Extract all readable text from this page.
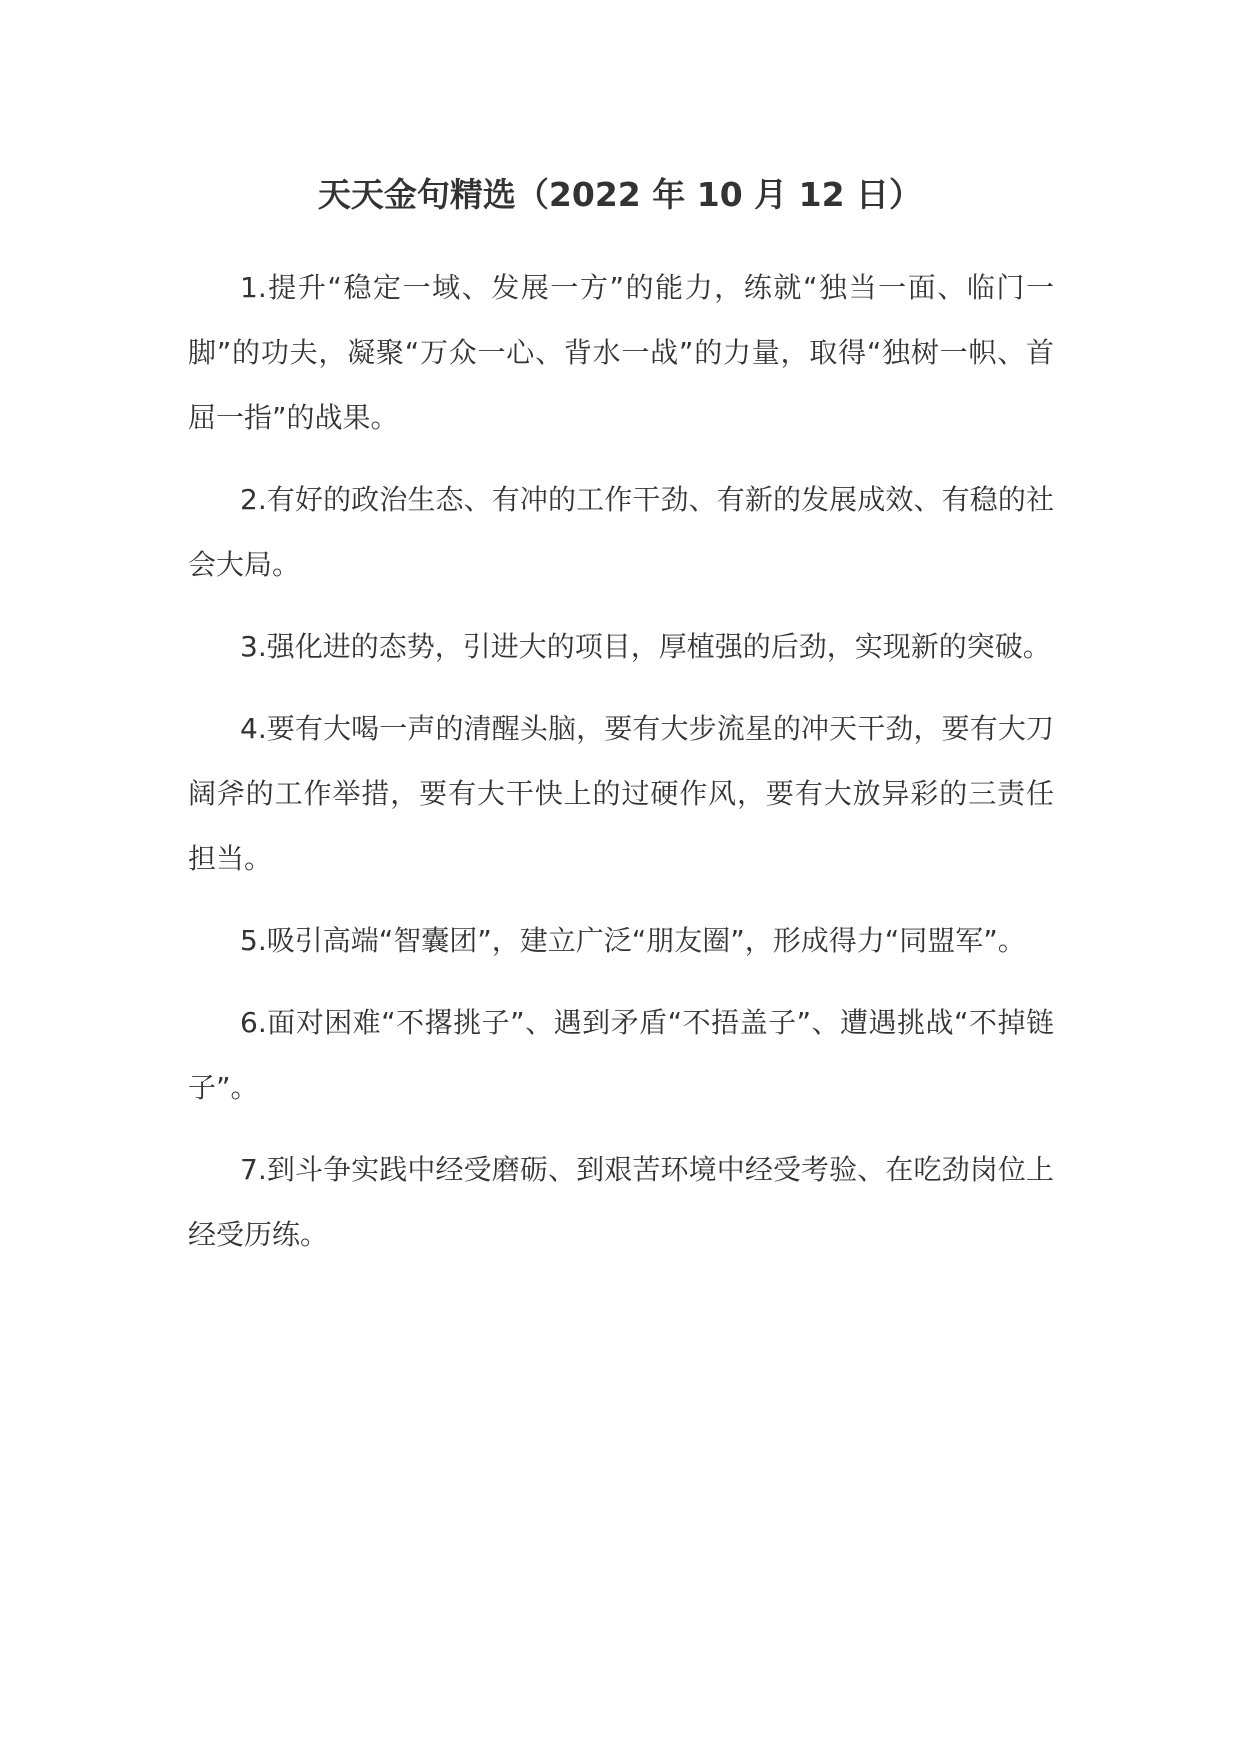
天天金句精选（2022 年 10 月 12 日）

1.提升“稳定一域、发展一方”的能力，练就“独当一面、临门一脚”的功夫，凝聚“万众一心、背水一战”的力量，取得“独树一帜、首屈一指”的战果。

2.有好的政治生态、有冲的工作干劲、有新的发展成效、有稳的社会大局。

3.强化进的态势，引进大的项目，厚植强的后劲，实现新的突破。

4.要有大喝一声的清醒头脑，要有大步流星的冲天干劲，要有大刀阔斧的工作举措，要有大干快上的过硬作风，要有大放异彩的三责任担当。

5.吸引高端“智囊团”，建立广泛“朋友圈”，形成得力“同盟军”。

6.面对困难“不撂挑子”、遇到矛盾“不捂盖子”、遭遇挑战“不掉链子”。

7.到斗争实践中经受磨砺、到艰苦环境中经受考验、在吃劲岗位上经受历练。
